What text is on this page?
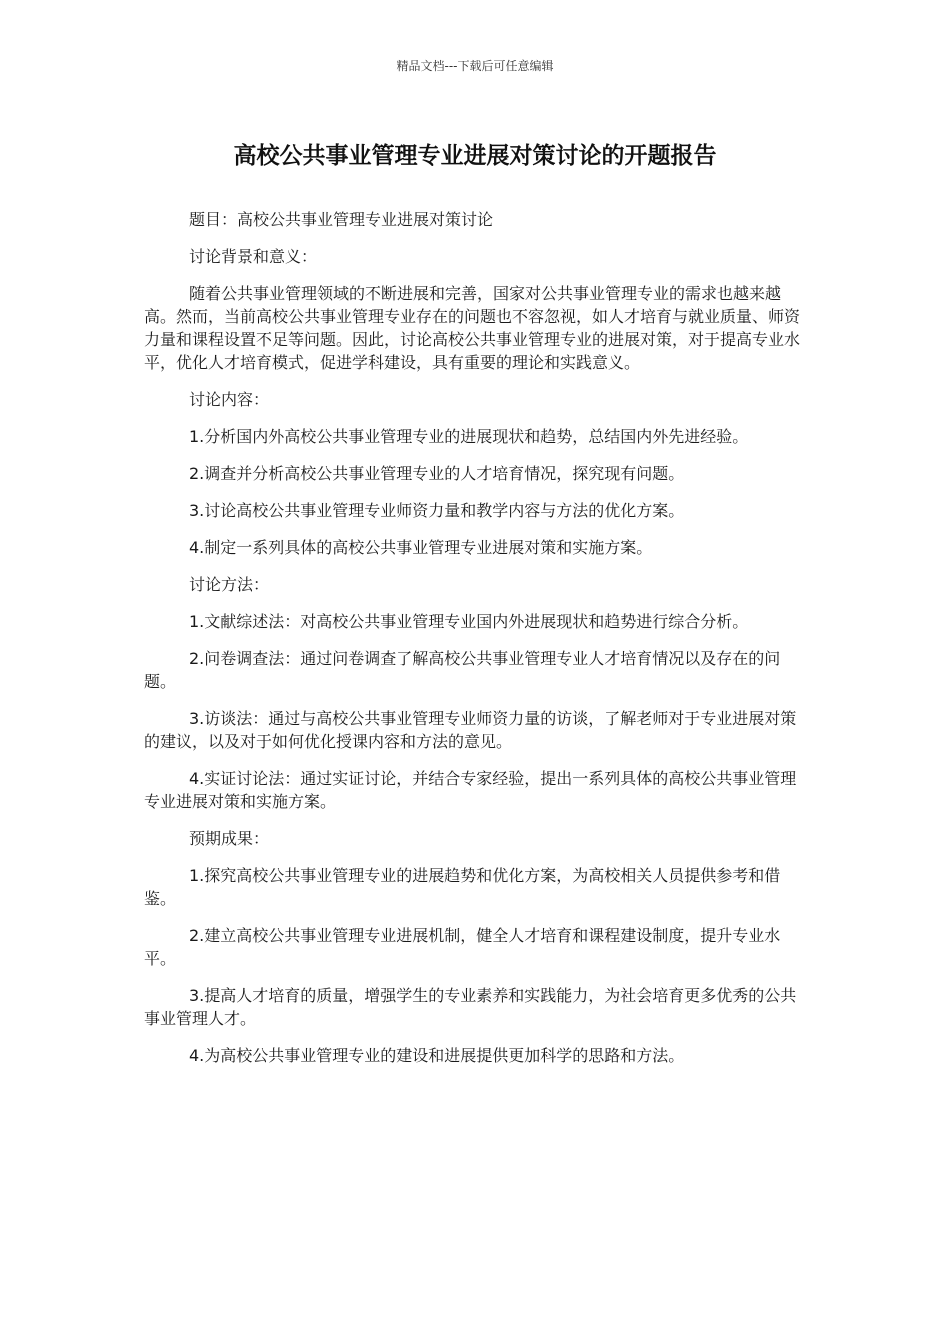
精品文档---下载后可任意编辑
高校公共事业管理专业进展对策讨论的开题报告

题目：高校公共事业管理专业进展对策讨论

讨论背景和意义：

随着公共事业管理领域的不断进展和完善，国家对公共事业管理专业的需求也越来越高。然而，当前高校公共事业管理专业存在的问题也不容忽视，如人才培育与就业质量、师资力量和课程设置不足等问题。因此，讨论高校公共事业管理专业的进展对策，对于提高专业水平，优化人才培育模式，促进学科建设，具有重要的理论和实践意义。

讨论内容：

1.分析国内外高校公共事业管理专业的进展现状和趋势，总结国内外先进经验。

2.调查并分析高校公共事业管理专业的人才培育情况，探究现有问题。

3.讨论高校公共事业管理专业师资力量和教学内容与方法的优化方案。

4.制定一系列具体的高校公共事业管理专业进展对策和实施方案。

讨论方法：

1.文献综述法：对高校公共事业管理专业国内外进展现状和趋势进行综合分析。

2.问卷调查法：通过问卷调查了解高校公共事业管理专业人才培育情况以及存在的问题。

3.访谈法：通过与高校公共事业管理专业师资力量的访谈，了解老师对于专业进展对策的建议，以及对于如何优化授课内容和方法的意见。

4.实证讨论法：通过实证讨论，并结合专家经验，提出一系列具体的高校公共事业管理专业进展对策和实施方案。

预期成果：

1.探究高校公共事业管理专业的进展趋势和优化方案，为高校相关人员提供参考和借鉴。

2.建立高校公共事业管理专业进展机制，健全人才培育和课程建设制度，提升专业水平。

3.提高人才培育的质量，增强学生的专业素养和实践能力，为社会培育更多优秀的公共事业管理人才。

4.为高校公共事业管理专业的建设和进展提供更加科学的思路和方法。
